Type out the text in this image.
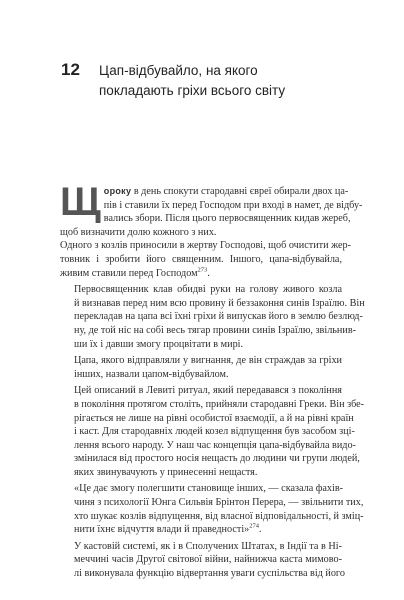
12 Цап-відбувайло, на якого
покладають гріхи всього світу
Щ ороку в день спокути стародавні євреї обирали двох ца-
пів і ставили їх перед Господом при вході в намет, де відбу-
вались збори. Після цього первосвященник кидав жереб,
щоб визначити долю кожного з них.
Одного з козлів приносили в жертву Господові, щоб очистити жер-
товник і зробити його священним. Іншого, цапа-відбувайла,
живим ставили перед Господом$^{273}$.
Первосвященник клав обидві руки на голову живого козла
й визнавав перед ним всю провину й беззаконня синів Ізраїлю. Він
перекладав на цапа всі їхні гріхи й випускав його в землю безлюд-
ну, де той ніс на собі весь тягар провини синів Ізраїлю, звільнив-
ши їх і давши змогу процвітати в мирі.
Цапа, якого відправляли у вигнання, де він страждав за гріхи
інших, назвали цапом-відбувайлом.
Цей описаний в Левиті ритуал, який передавався з покоління
в покоління протягом століть, прийняли стародавні Греки. Він збе-
рігається не лише на рівні особистої взаємодії, а й на рівні країн
і каст. Для стародавніх людей козел відпущення був засобом зці-
лення всього народу. У наш час концепція цапа-відбувайла видо-
змінилася від простого носія нещасть до людини чи групи людей,
яких звинувачують у принесенні нещастя.
«Це дає змогу полегшити становище інших, — сказала фахів-
чиня з психології Юнга Сильвія Брінтон Перера, — звільнити тих,
хто шукає козлів відпущення, від власної відповідальності, й зміц-
нити їхнє відчуття влади й праведності»$^{274}$.
У кастовій системі, як і в Сполучених Штатах, в Індії та в Ні-
мeччині часів Другої світової війни, найнижча каста мимово-
лі виконувала функцію відвертання уваги суспільства від його
